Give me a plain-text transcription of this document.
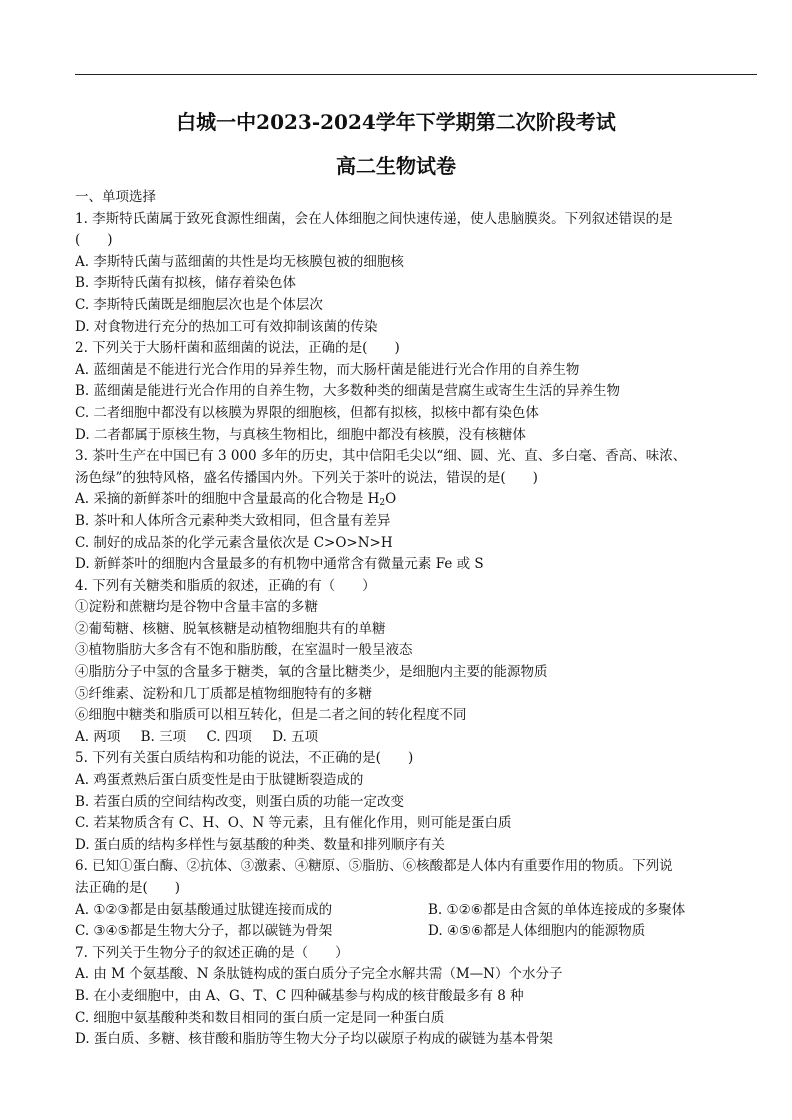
白城一中2023-2024学年下学期第二次阶段考试
高二生物试卷
一、单项选择
1. 李斯特氏菌属于致死食源性细菌，会在人体细胞之间快速传递，使人患脑膜炎。下列叙述错误的是
(　　)
A. 李斯特氏菌与蓝细菌的共性是均无核膜包被的细胞核
B. 李斯特氏菌有拟核，储存着染色体
C. 李斯特氏菌既是细胞层次也是个体层次
D. 对食物进行充分的热加工可有效抑制该菌的传染
2. 下列关于大肠杆菌和蓝细菌的说法，正确的是(　　)
A. 蓝细菌是不能进行光合作用的异养生物，而大肠杆菌是能进行光合作用的自养生物
B. 蓝细菌是能进行光合作用的自养生物，大多数种类的细菌是营腐生或寄生生活的异养生物
C. 二者细胞中都没有以核膜为界限的细胞核，但都有拟核，拟核中都有染色体
D. 二者都属于原核生物，与真核生物相比，细胞中都没有核膜，没有核糖体
3. 茶叶生产在中国已有 3 000 多年的历史，其中信阳毛尖以“细、圆、光、直、多白毫、香高、味浓、
汤色绿”的独特风格，盛名传播国内外。下列关于茶叶的说法，错误的是(　　)
A. 采摘的新鲜茶叶的细胞中含量最高的化合物是 $H_2O$
B. 茶叶和人体所含元素种类大致相同，但含量有差异
C. 制好的成品茶的化学元素含量依次是 C>O>N>H
D. 新鲜茶叶的细胞内含量最多的有机物中通常含有微量元素 Fe 或 S
4. 下列有关糖类和脂质的叙述，正确的有（　　）
①淀粉和蔗糖均是谷物中含量丰富的多糖
②葡萄糖、核糖、脱氧核糖是动植物细胞共有的单糖
③植物脂肪大多含有不饱和脂肪酸，在室温时一般呈液态
④脂肪分子中氢的含量多于糖类，氧的含量比糖类少，是细胞内主要的能源物质
⑤纤维素、淀粉和几丁质都是植物细胞特有的多糖
⑥细胞中糖类和脂质可以相互转化，但是二者之间的转化程度不同
A. 两项 B. 三项 C. 四项 D. 五项
5. 下列有关蛋白质结构和功能的说法，不正确的是(　　)
A. 鸡蛋煮熟后蛋白质变性是由于肽键断裂造成的
B. 若蛋白质的空间结构改变，则蛋白质的功能一定改变
C. 若某物质含有 C、H、O、N 等元素，且有催化作用，则可能是蛋白质
D. 蛋白质的结构多样性与氨基酸的种类、数量和排列顺序有关
6. 已知①蛋白酶、②抗体、③激素、④糖原、⑤脂肪、⑥核酸都是人体内有重要作用的物质。下列说
法正确的是(　　)
A. ①②③都是由氨基酸通过肽键连接而成的	B. ①②⑥都是由含氮的单体连接成的多聚体
C. ③④⑤都是生物大分子，都以碳链为骨架	D. ④⑤⑥都是人体细胞内的能源物质
7. 下列关于生物分子的叙述正确的是（　　）
A. 由 M 个氨基酸、N 条肽链构成的蛋白质分子完全水解共需（M—N）个水分子
B. 在小麦细胞中，由 A、G、T、C 四种碱基参与构成的核苷酸最多有 8 种
C. 细胞中氨基酸种类和数目相同的蛋白质一定是同一种蛋白质
D. 蛋白质、多糖、核苷酸和脂肪等生物大分子均以碳原子构成的碳链为基本骨架
